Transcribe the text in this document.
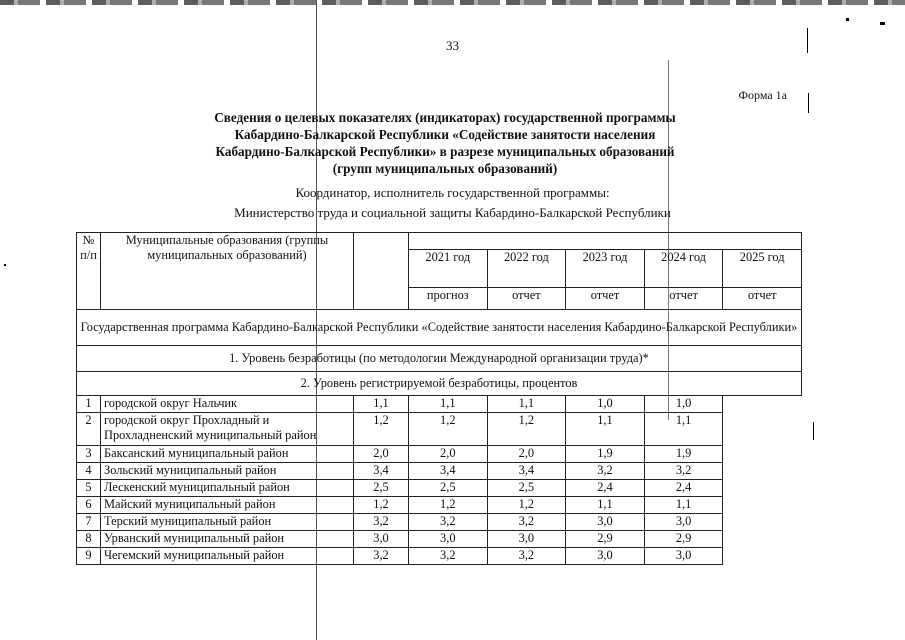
33
Форма 1а
Сведения о целевых показателях (индикаторах) государственной программы
Кабардино-Балкарской Республики «Содействие занятости населения
Кабардино-Балкарской Республики» в разрезе муниципальных образований
(групп муниципальных образований)
Координатор, исполнитель государственной программы:
Министерство труда и социальной защиты Кабардино-Балкарской Республики
№ п/п	Муниципальные образования (группы муниципальных образований)						
			2021 год	2022 год	2023 год	2024 год	2025 год
			прогноз	отчет	отчет	отчет	отчет
Государственная программа Кабардино-Балкарской Республики «Содействие занятости населения Кабардино-Балкарской Республики»							
1. Уровень безработицы (по методологии Международной организации труда)*							
2. Уровень регистрируемой безработицы, процентов							
1	городской округ Нальчик	1,1	1,1	1,1	1,0	1,0	
2	городской округ Прохладный и Прохладненский муниципальный район	1,2	1,2	1,2	1,1	1,1	
3	Баксанский муниципальный район	2,0	2,0	2,0	1,9	1,9	
4	Зольский муниципальный район	3,4	3,4	3,4	3,2	3,2	
5	Лескенский муниципальный район	2,5	2,5	2,5	2,4	2,4	
6	Майский муниципальный район	1,2	1,2	1,2	1,1	1,1	
7	Терский муниципальный район	3,2	3,2	3,2	3,0	3,0	
8	Урванский муниципальный район	3,0	3,0	3,0	2,9	2,9	
9	Чегемский муниципальный район	3,2	3,2	3,2	3,0	3,0	
